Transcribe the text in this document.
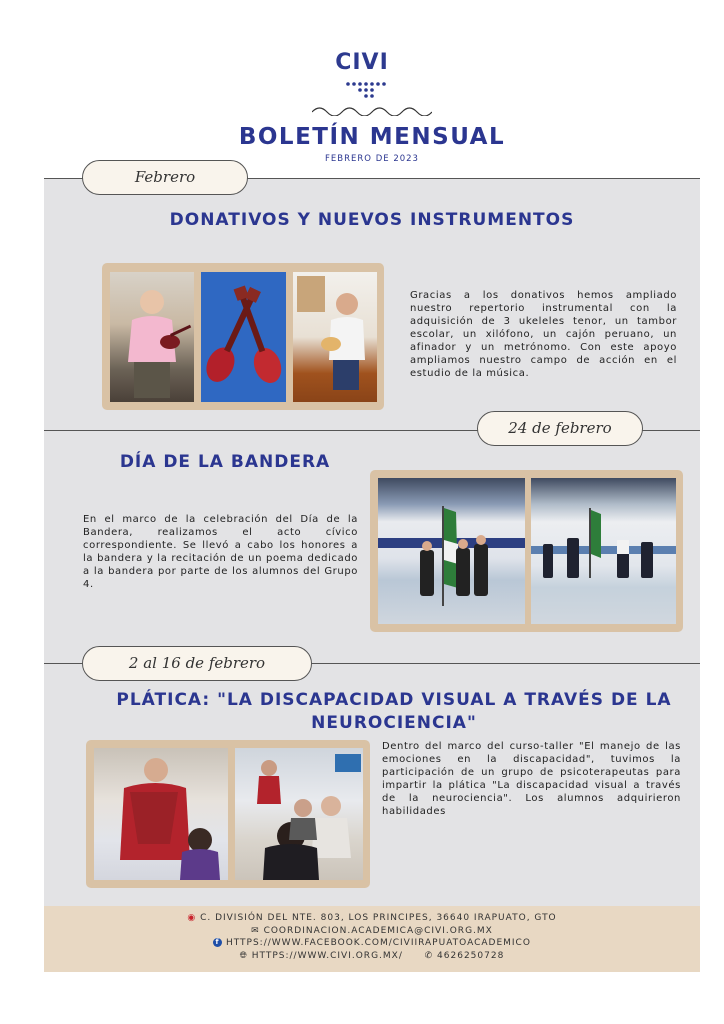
CIVI
BOLETÍN MENSUAL
FEBRERO DE 2023
Febrero
DONATIVOS Y NUEVOS INSTRUMENTOS
Gracias a los donativos hemos ampliado nuestro repertorio instrumental con la adquisición de 3 ukeleles tenor, un tambor escolar, un xilófono, un cajón peruano, un afinador y un metrónomo. Con este apoyo ampliamos nuestro campo de acción en el estudio de la música.
24 de febrero
DÍA DE LA BANDERA
En el marco de la celebración del Día de la Bandera, realizamos el acto cívico correspondiente. Se llevó a cabo los honores a la bandera y la recitación de un poema dedicado a la bandera por parte de los alumnos del Grupo 4.
2 al 16 de febrero
PLÁTICA: "LA DISCAPACIDAD VISUAL A TRAVÉS DE LA
NEUROCIENCIA"
Dentro del marco del curso-taller "El manejo de las emociones en la discapacidad", tuvimos la participación de un grupo de psicoterapeutas para impartir la plática "La discapacidad visual a través de la neurociencia". Los alumnos adquirieron habilidades
◉ C. DIVISIÓN DEL NTE. 803, LOS PRINCIPES, 36640 IRAPUATO, GTO
✉ COORDINACION.ACADEMICA@CIVI.ORG.MX
f HTTPS://WWW.FACEBOOK.COM/CIVIIRAPUATOACADEMICO
🌐︎ HTTPS://WWW.CIVI.ORG.MX/ ✆ 4626250728
